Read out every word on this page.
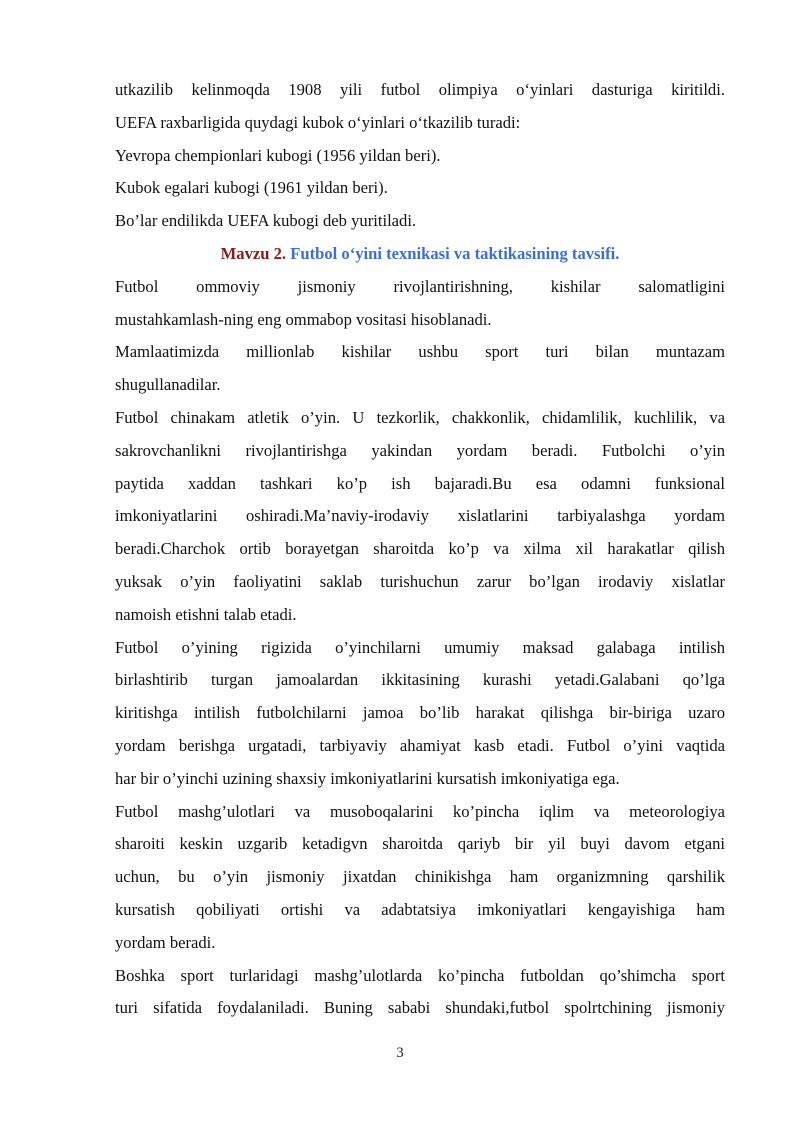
utkazilib kelinmoqda 1908 yili futbol olimpiya o‘yinlari dasturiga kiritildi.
UEFA raxbarligida quydagi kubok o‘yinlari o‘tkazilib turadi:
Yevropa chempionlari kubogi (1956 yildan beri).
Kubok egalari kubogi (1961 yildan beri).
Bo’lar endilikda UEFA kubogi deb yuritiladi.
Mavzu 2. Futbol o‘yini texnikasi va taktikasining tavsifi.
Futbol ommoviy jismoniy rivojlantirishning, kishilar salomatligini
mustahkamlash-ning eng ommabop vositasi hisoblanadi.
Mamlaatimizda millionlab kishilar ushbu sport turi bilan muntazam
shugullanadilar.
Futbol chinakam atletik o’yin. U tezkorlik, chakkonlik, chidamlilik, kuchlilik, va
sakrovchanlikni rivojlantirishga yakindan yordam beradi. Futbolchi o’yin
paytida xaddan tashkari ko’p ish bajaradi.Bu esa odamni funksional
imkoniyatlarini oshiradi.Ma’naviy-irodaviy xislatlarini tarbiyalashga yordam
beradi.Charchok ortib borayetgan sharoitda ko’p va xilma xil harakatlar qilish
yuksak o’yin faoliyatini saklab turishuchun zarur bo’lgan irodaviy xislatlar
namoish etishni talab etadi.
Futbol o’yining rigizida o’yinchilarni umumiy maksad galabaga intilish
birlashtirib turgan jamoalardan ikkitasining kurashi yetadi.Galabani qo’lga
kiritishga intilish futbolchilarni jamoa bo’lib harakat qilishga bir-biriga uzaro
yordam berishga urgatadi, tarbiyaviy ahamiyat kasb etadi. Futbol o’yini vaqtida
har bir o’yinchi uzining shaxsiy imkoniyatlarini kursatish imkoniyatiga ega.
Futbol mashg’ulotlari va musoboqalarini ko’pincha iqlim va meteorologiya
sharoiti keskin uzgarib ketadigvn sharoitda qariyb bir yil buyi davom etgani
uchun, bu o’yin jismoniy jixatdan chinikishga ham organizmning qarshilik
kursatish qobiliyati ortishi va adabtatsiya imkoniyatlari kengayishiga ham
yordam beradi.
Boshka sport turlaridagi mashg’ulotlarda ko’pincha futboldan qo’shimcha sport
turi sifatida foydalaniladi. Buning sababi shundaki,futbol spolrtchining jismoniy
3
